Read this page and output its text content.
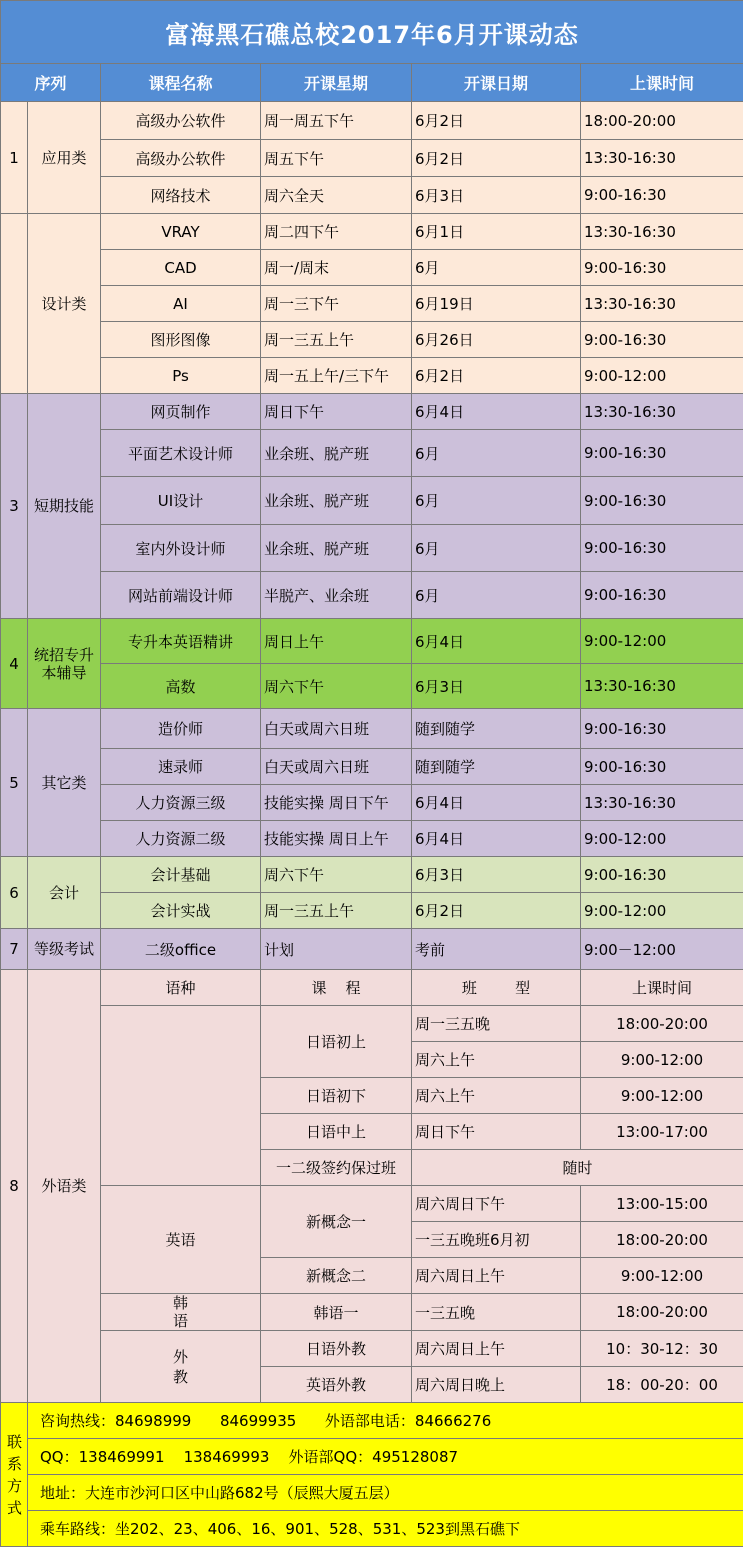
富海黑石礁总校2017年6月开课动态					
序列		课程名称	开课星期	开课日期	上课时间
1	应用类	高级办公软件	周一周五下午	6月2日	18:00-20:00
		高级办公软件	周五下午	6月2日	13:30-16:30
		网络技术	周六全天	6月3日	9:00-16:30
	设计类	VRAY	周二四下午	6月1日	13:30-16:30
		CAD	周一/周末	6月	9:00-16:30
		AI	周一三下午	6月19日	13:30-16:30
		图形图像	周一三五上午	6月26日	9:00-16:30
		Ps	周一五上午/三下午	6月2日	9:00-12:00
3	短期技能	网页制作	周日下午	6月4日	13:30-16:30
		平面艺术设计师	业余班、脱产班	6月	9:00-16:30
		UI设计	业余班、脱产班	6月	9:00-16:30
		室内外设计师	业余班、脱产班	6月	9:00-16:30
		网站前端设计师	半脱产、业余班	6月	9:00-16:30
4	统招专升本辅导	专升本英语精讲	周日上午	6月4日	9:00-12:00
		高数	周六下午	6月3日	13:30-16:30
5	其它类	造价师	白天或周六日班	随到随学	9:00-16:30
		速录师	白天或周六日班	随到随学	9:00-16:30
		人力资源三级	技能实操 周日下午	6月4日	13:30-16:30
		人力资源二级	技能实操 周日上午	6月4日	9:00-12:00
6	会计	会计基础	周六下午	6月3日	9:00-16:30
		会计实战	周一三五上午	6月2日	9:00-12:00
7	等级考试	二级office	计划	考前	9:00－12:00
8	外语类	语种	课    程	班        型	上课时间
			日语初上	周一三五晚	18:00-20:00
				周六上午	9:00-12:00
			日语初下	周六上午	9:00-12:00
			日语中上	周日下午	13:00-17:00
			一二级签约保过班	随时	
		英语	新概念一	周六周日下午	13:00-15:00
				一三五晚班6月初	18:00-20:00
			新概念二	周六周日上午	9:00-12:00
		韩语	韩语一	一三五晚	18:00-20:00
		外教	日语外教	周六周日上午	10：30-12：30
			英语外教	周六周日晚上	18：00-20：00
联系方式	咨询热线：84698999      84699935      外语部电话：84666276				
	QQ：138469991    138469993    外语部QQ：495128087				
	地址：大连市沙河口区中山路682号（辰熙大厦五层）				
	乘车路线：坐202、23、406、16、901、528、531、523到黑石礁下				
